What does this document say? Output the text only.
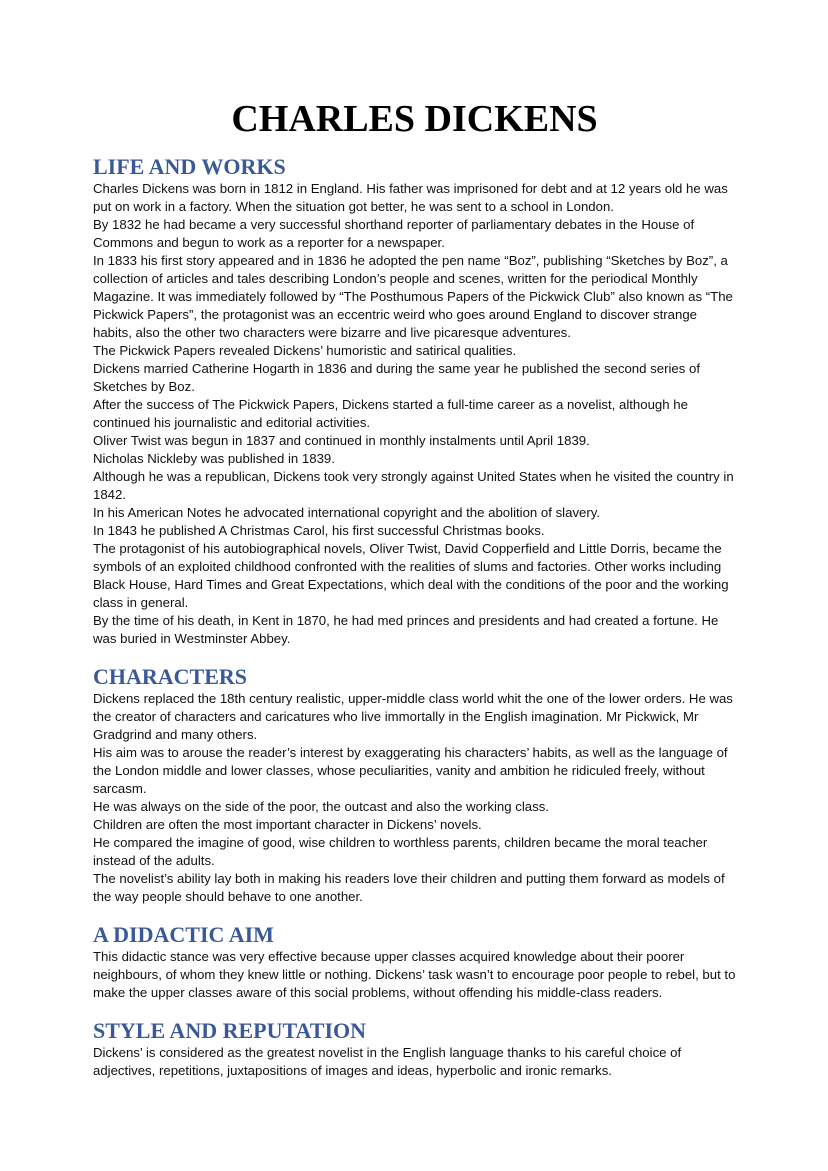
CHARLES DICKENS
LIFE AND WORKS

Charles Dickens was born in 1812 in England. His father was imprisoned for debt and at 12 years old he was put on work in a factory. When the situation got better, he was sent to a school in London.

By 1832 he had became a very successful shorthand reporter of parliamentary debates in the House of Commons and begun to work as a reporter for a newspaper.

In 1833 his first story appeared and in 1836 he adopted the pen name “Boz”, publishing “Sketches by Boz”, a collection of articles and tales describing London’s people and scenes, written for the periodical Monthly Magazine. It was immediately followed by “The Posthumous Papers of the Pickwick Club” also known as “The Pickwick Papers”, the protagonist was an eccentric weird who goes around England to discover strange habits, also the other two characters were bizarre and live picaresque adventures.

The Pickwick Papers revealed Dickens’ humoristic and satirical qualities.

Dickens married Catherine Hogarth in 1836 and during the same year he published the second series of Sketches by Boz.

After the success of The Pickwick Papers, Dickens started a full-time career as a novelist, although he continued his journalistic and editorial activities.

Oliver Twist was begun in 1837 and continued in monthly instalments until April 1839.

Nicholas Nickleby was published in 1839.

Although he was a republican, Dickens took very strongly against United States when he visited the country in 1842.

In his American Notes he advocated international copyright and the abolition of slavery.

In 1843 he published A Christmas Carol, his first successful Christmas books.

The protagonist of his autobiographical novels, Oliver Twist, David Copperfield and Little Dorris, became the symbols of an exploited childhood confronted with the realities of slums and factories. Other works including Black House, Hard Times and Great Expectations, which deal with the conditions of the poor and the working class in general.

By the time of his death, in Kent in 1870, he had med princes and presidents and had created a fortune. He was buried in Westminster Abbey.

CHARACTERS

Dickens replaced the 18th century realistic, upper-middle class world whit the one of the lower orders. He was the creator of characters and caricatures who live immortally in the English imagination. Mr Pickwick, Mr Gradgrind and many others.

His aim was to arouse the reader’s interest by exaggerating his characters’ habits, as well as the language of the London middle and lower classes, whose peculiarities, vanity and ambition he ridiculed freely, without sarcasm.

He was always on the side of the poor, the outcast and also the working class.

Children are often the most important character in Dickens’ novels.

He compared the imagine of good, wise children to worthless parents, children became the moral teacher instead of the adults.

The novelist’s ability lay both in making his readers love their children and putting them forward as models of the way people should behave to one another.

A DIDACTIC AIM

This didactic stance was very effective because upper classes acquired knowledge about their poorer neighbours, of whom they knew little or nothing. Dickens’ task wasn’t to encourage poor people to rebel, but to make the upper classes aware of this social problems, without offending his middle-class readers.

STYLE AND REPUTATION

Dickens’ is considered as the greatest novelist in the English language thanks to his careful choice of adjectives, repetitions, juxtapositions of images and ideas, hyperbolic and ironic remarks.
